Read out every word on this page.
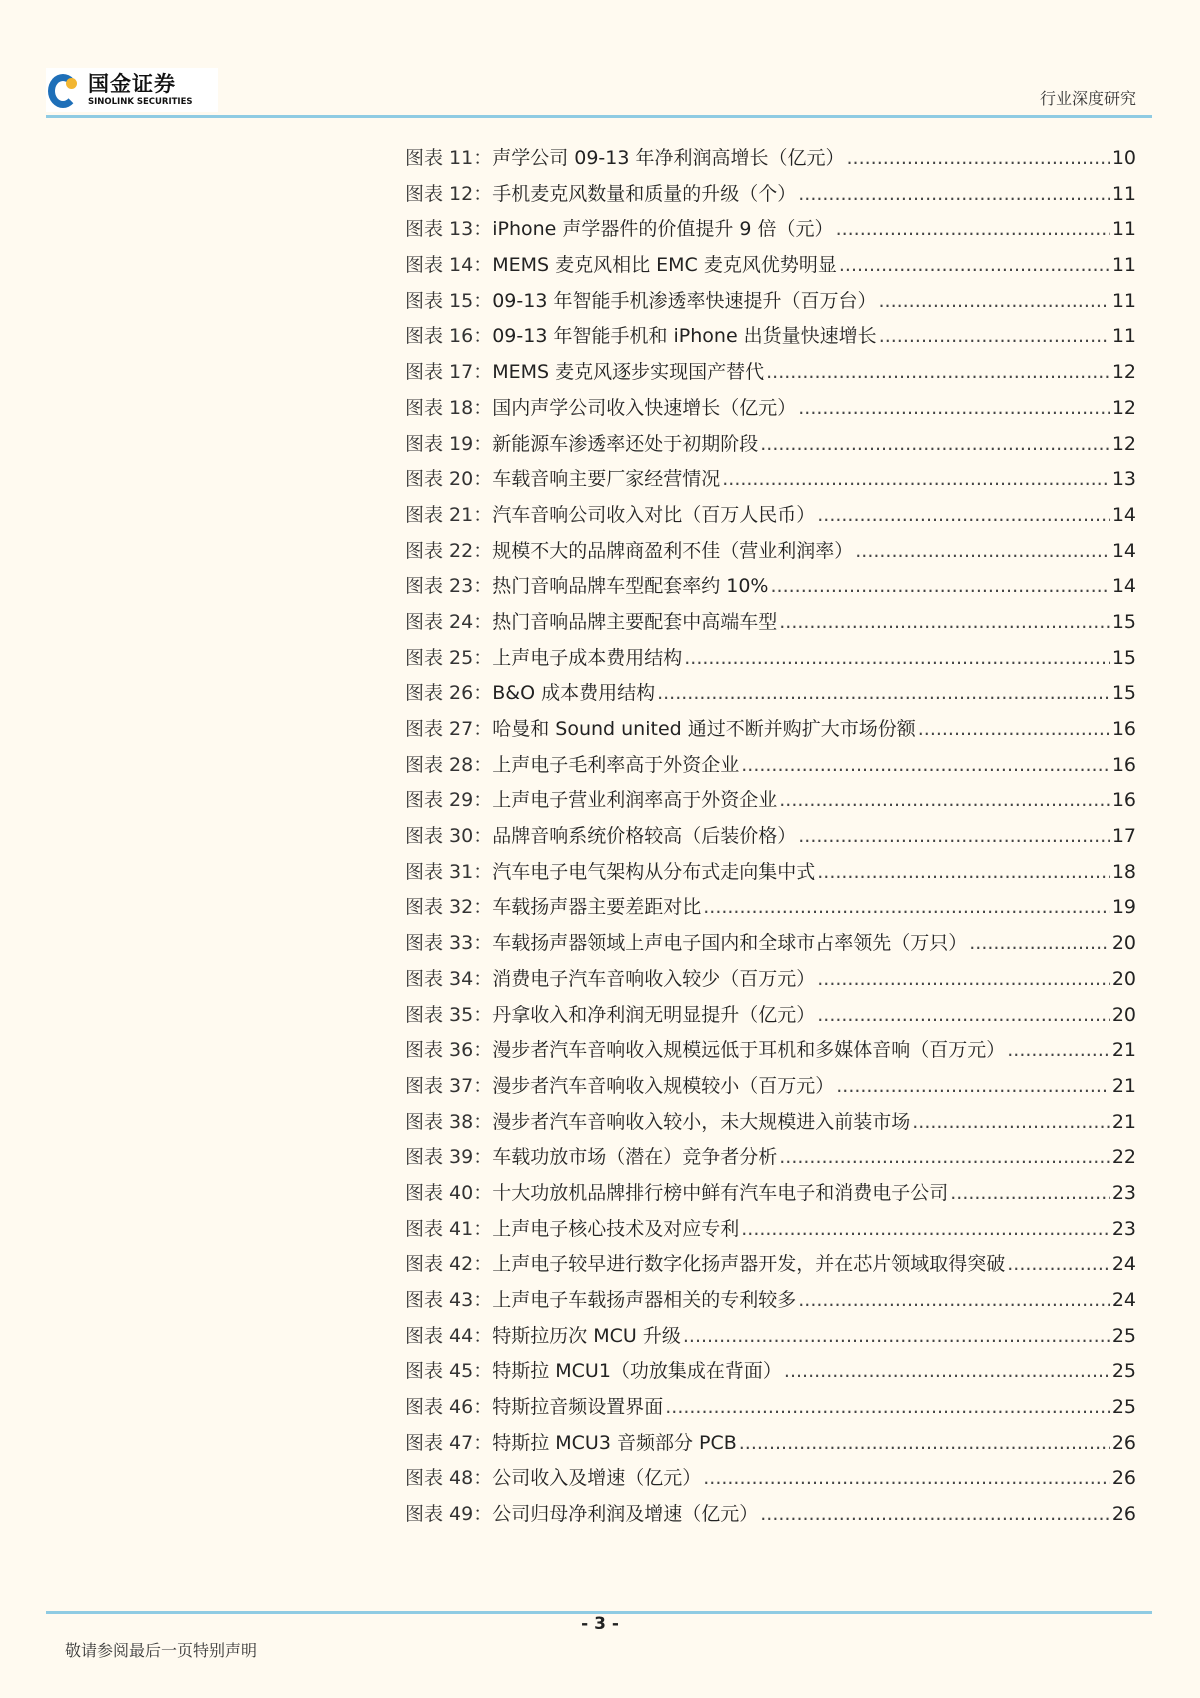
国金证券
SINOLINK SECURITIES	行业深度研究
图表 11： 声学公司 09-13 年净利润高增长（亿元） .....	10
图表 12： 手机麦克风数量和质量的升级（个） .....	11
图表 13： iPhone 声学器件的价值提升 9 倍（元） .....	11
图表 14： MEMS 麦克风相比 EMC 麦克风优势明显 .....	11
图表 15： 09-13 年智能手机渗透率快速提升（百万台） .....	11
图表 16： 09-13 年智能手机和 iPhone 出货量快速增长 .....	11
图表 17： MEMS 麦克风逐步实现国产替代 .....	12
图表 18： 国内声学公司收入快速增长（亿元） .....	12
图表 19： 新能源车渗透率还处于初期阶段 .....	12
图表 20： 车载音响主要厂家经营情况 .....	13
图表 21： 汽车音响公司收入对比（百万人民币） .....	14
图表 22： 规模不大的品牌商盈利不佳（营业利润率） .....	14
图表 23： 热门音响品牌车型配套率约 10% .....	14
图表 24： 热门音响品牌主要配套中高端车型 .....	15
图表 25： 上声电子成本费用结构 .....	15
图表 26： B&O 成本费用结构 .....	15
图表 27： 哈曼和 Sound united 通过不断并购扩大市场份额 .....	16
图表 28： 上声电子毛利率高于外资企业 .....	16
图表 29： 上声电子营业利润率高于外资企业 .....	16
图表 30： 品牌音响系统价格较高（后装价格） .....	17
图表 31： 汽车电子电气架构从分布式走向集中式 .....	18
图表 32： 车载扬声器主要差距对比 .....	19
图表 33： 车载扬声器领域上声电子国内和全球市占率领先（万只） .....	20
图表 34： 消费电子汽车音响收入较少（百万元） .....	20
图表 35： 丹拿收入和净利润无明显提升（亿元） .....	20
图表 36： 漫步者汽车音响收入规模远低于耳机和多媒体音响（百万元） .....	21
图表 37： 漫步者汽车音响收入规模较小（百万元） .....	21
图表 38： 漫步者汽车音响收入较小，未大规模进入前装市场 .....	21
图表 39： 车载功放市场（潜在）竞争者分析 .....	22
图表 40： 十大功放机品牌排行榜中鲜有汽车电子和消费电子公司 .....	23
图表 41： 上声电子核心技术及对应专利 .....	23
图表 42： 上声电子较早进行数字化扬声器开发，并在芯片领域取得突破 .....	24
图表 43： 上声电子车载扬声器相关的专利较多 .....	24
图表 44： 特斯拉历次 MCU 升级 .....	25
图表 45： 特斯拉 MCU1（功放集成在背面） .....	25
图表 46： 特斯拉音频设置界面 .....	25
图表 47： 特斯拉 MCU3 音频部分 PCB .....	26
图表 48： 公司收入及增速（亿元） .....	26
图表 49： 公司归母净利润及增速（亿元） .....	26
- 3 -
敬请参阅最后一页特别声明
